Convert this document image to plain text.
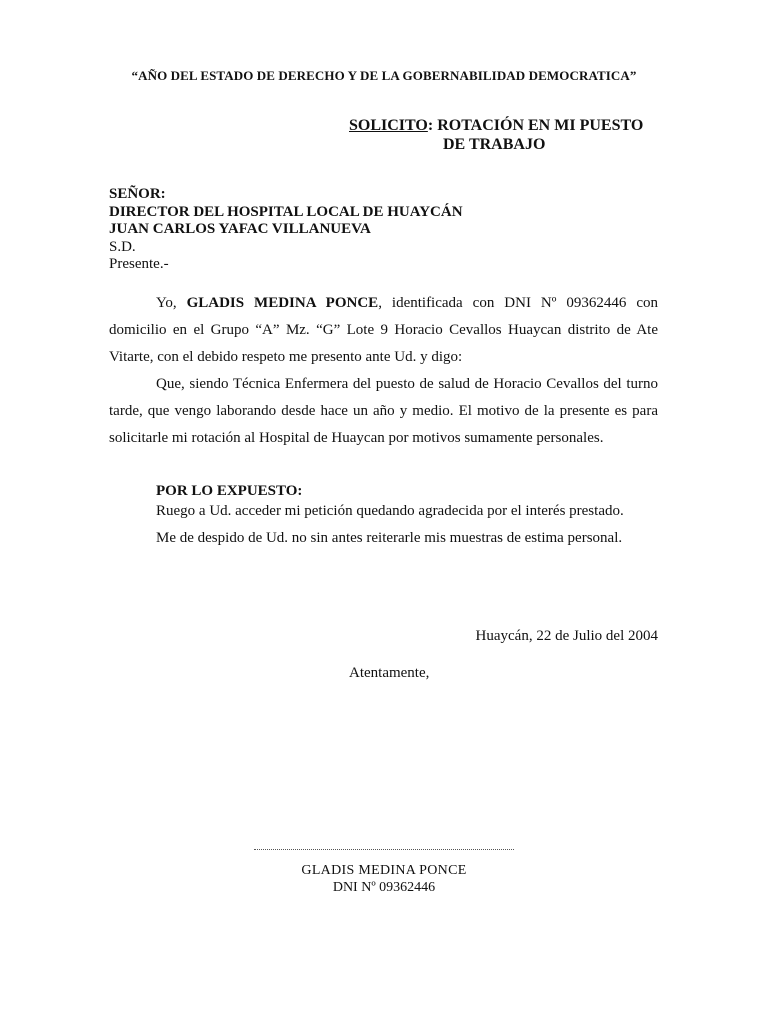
“AÑO DEL ESTADO DE DERECHO Y DE LA GOBERNABILIDAD DEMOCRATICA”
SOLICITO: ROTACIÓN EN MI PUESTO
DE TRABAJO
SEÑOR:
DIRECTOR DEL HOSPITAL LOCAL DE HUAYCÁN
JUAN CARLOS YAFAC VILLANUEVA
S.D.
Presente.-

Yo, GLADIS MEDINA PONCE, identificada con DNI Nº 09362446 con domicilio en el Grupo “A” Mz. “G” Lote 9 Horacio Cevallos Huaycan distrito de Ate Vitarte, con el debido respeto me presento ante Ud. y digo:

Que, siendo Técnica Enfermera del puesto de salud de Horacio Cevallos del turno tarde, que vengo laborando desde hace un año y medio. El motivo de la presente es para solicitarle mi rotación al Hospital de Huaycan por motivos sumamente personales.

POR LO EXPUESTO:

Ruego a Ud. acceder mi petición quedando agradecida por el interés prestado.

Me de despido de Ud. no sin antes reiterarle mis muestras de estima personal.

Huaycán, 22 de Julio del 2004
Atentamente,
GLADIS MEDINA PONCE
DNI Nº 09362446
